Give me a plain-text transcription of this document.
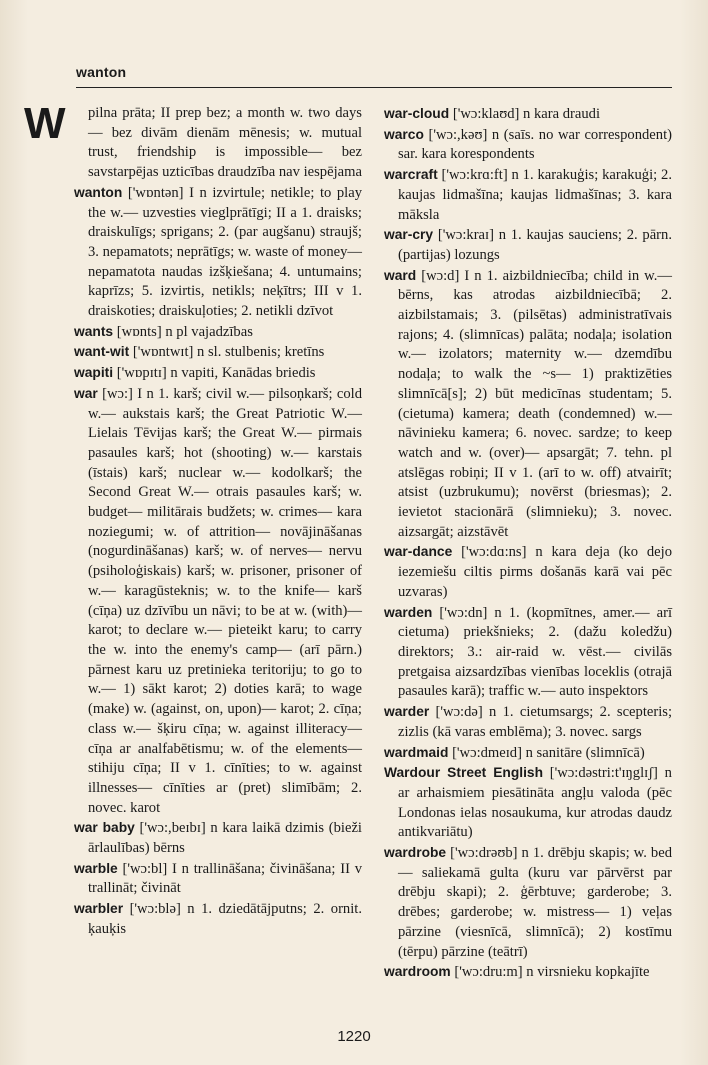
wanton
W	pilna prāta; II prep bez; a month w. two days— bez divām dienām mēnesis; w. mutual trust, friendship is impossible— bez savstarpējas uzticības draudzība nav iespējama

wanton ['wɒntən] I n izvirtule; netikle; to play the w.— uzvesties vieglprātīgi; II a 1. draisks; draiskulīgs; sprigans; 2. (par augšanu) straujš; 3. nepamatots; neprātīgs; w. waste of money— nepamatota naudas izšķiešana; 4. untumains; kaprīzs; 5. izvirtis, netikls; neķītrs; III v 1. draiskoties; draiskuļoties; 2. netikli dzīvot

wants [wɒnts] n pl vajadzības

want-wit ['wɒntwɪt] n sl. stulbenis; kretīns

wapiti ['wɒpɪtɪ] n vapiti, Kanādas briedis

war [wɔ:] I n 1. karš; civil w.— pilsoņkarš; cold w.— aukstais karš; the Great Patriotic W.— Lielais Tēvijas karš; the Great W.— pirmais pasaules karš; hot (shooting) w.— karstais (īstais) karš; nuclear w.— kodolkarš; the Second Great W.— otrais pasaules karš; w. budget— militārais budžets; w. crimes— kara noziegumi; w. of attrition— novājināšanas (nogurdināšanas) karš; w. of nerves— nervu (psiholoģiskais) karš; w. prisoner, prisoner of w.— karagūsteknis; w. to the knife— karš (cīņa) uz dzīvību un nāvi; to be at w. (with)— karot; to declare w.— pieteikt karu; to carry the w. into the enemy's camp— (arī pārn.) pārnest karu uz pretinieka teritoriju; to go to w.— 1) sākt karot; 2) doties karā; to wage (make) w. (against, on, upon)— karot; 2. cīņa; class w.— šķiru cīņa; w. against illiteracy— cīņa ar analfabētismu; w. of the elements— stihiju cīņa; II v 1. cīnīties; to w. against illnesses— cīnīties ar (pret) slimībām; 2. novec. karot

war baby ['wɔ:,beɪbɪ] n kara laikā dzimis (bieži ārlaulības) bērns

warble ['wɔ:bl] I n trallināšana; čivināšana; II v trallināt; čivināt

warbler ['wɔ:blə] n 1. dziedātājputns; 2. ornit. ķauķis

war-cloud ['wɔ:klaʊd] n kara draudi

warco ['wɔ:,kəʊ] n (saīs. no war correspondent) sar. kara korespondents

warcraft ['wɔ:krɑ:ft] n 1. karakuģis; karakuģi; 2. kaujas lidmašīna; kaujas lidmašīnas; 3. kara māksla

war-cry ['wɔ:kraɪ] n 1. kaujas sauciens; 2. pārn. (partijas) lozungs

ward [wɔ:d] I n 1. aizbildniecība; child in w.— bērns, kas atrodas aizbildniecībā; 2. aizbilstamais; 3. (pilsētas) administratīvais rajons; 4. (slimnīcas) palāta; nodaļa; isolation w.— izolators; maternity w.— dzemdību nodaļa; to walk the ~s— 1) praktizēties slimnīcā[s]; 2) būt medicīnas studentam; 5. (cietuma) kamera; death (condemned) w.— nāvinieku kamera; 6. novec. sardze; to keep watch and w. (over)— apsargāt; 7. tehn. pl atslēgas robiņi; II v 1. (arī to w. off) atvairīt; atsist (uzbrukumu); novērst (briesmas); 2. ievietot stacionārā (slimnieku); 3. novec. aizsargāt; aizstāvēt

war-dance ['wɔ:dɑ:ns] n kara deja (ko dejo iezemiešu ciltis pirms došanās karā vai pēc uzvaras)

warden ['wɔ:dn] n 1. (kopmītnes, amer.— arī cietuma) priekšnieks; 2. (dažu koledžu) direktors; 3.: air-raid w. vēst.— civilās pretgaisa aizsardzības vienības loceklis (otrajā pasaules karā); traffic w.— auto inspektors

warder ['wɔ:də] n 1. cietumsargs; 2. scepteris; zizlis (kā varas emblēma); 3. novec. sargs

wardmaid ['wɔ:dmeɪd] n sanitāre (slimnīcā)

Wardour Street English ['wɔ:dəstri:t'ɪŋglɪʃ] n ar arhaismiem piesātināta angļu valoda (pēc Londonas ielas nosaukuma, kur atrodas daudz antikvariātu)

wardrobe ['wɔ:drəʊb] n 1. drēbju skapis; w. bed— saliekamā gulta (kuru var pārvērst par drēbju skapi); 2. ģērbtuve; garderobe; 3. drēbes; garderobe; w. mistress— 1) veļas pārzine (viesnīcā, slimnīcā); 2) kostīmu (tērpu) pārzine (teātrī)

wardroom ['wɔ:dru:m] n virsnieku kopkajīte

1220
